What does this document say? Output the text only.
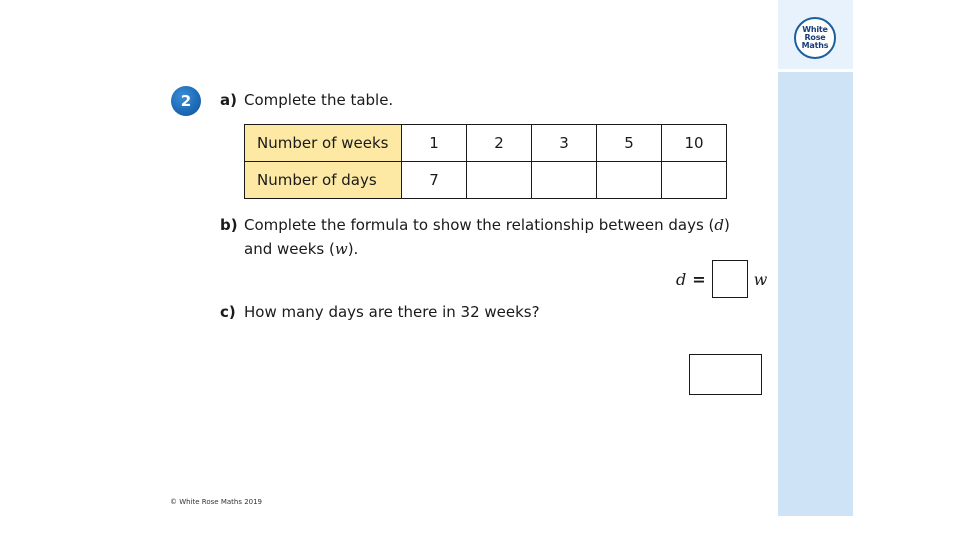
White
Rose
Maths
2	a) Complete the table.
Number of weeks	1	2	3	5	10
Number of days	7				
b) Complete the formula to show the relationship between days (d)
and weeks (w).
d =	w
c) How many days are there in 32 weeks?
© White Rose Maths 2019
